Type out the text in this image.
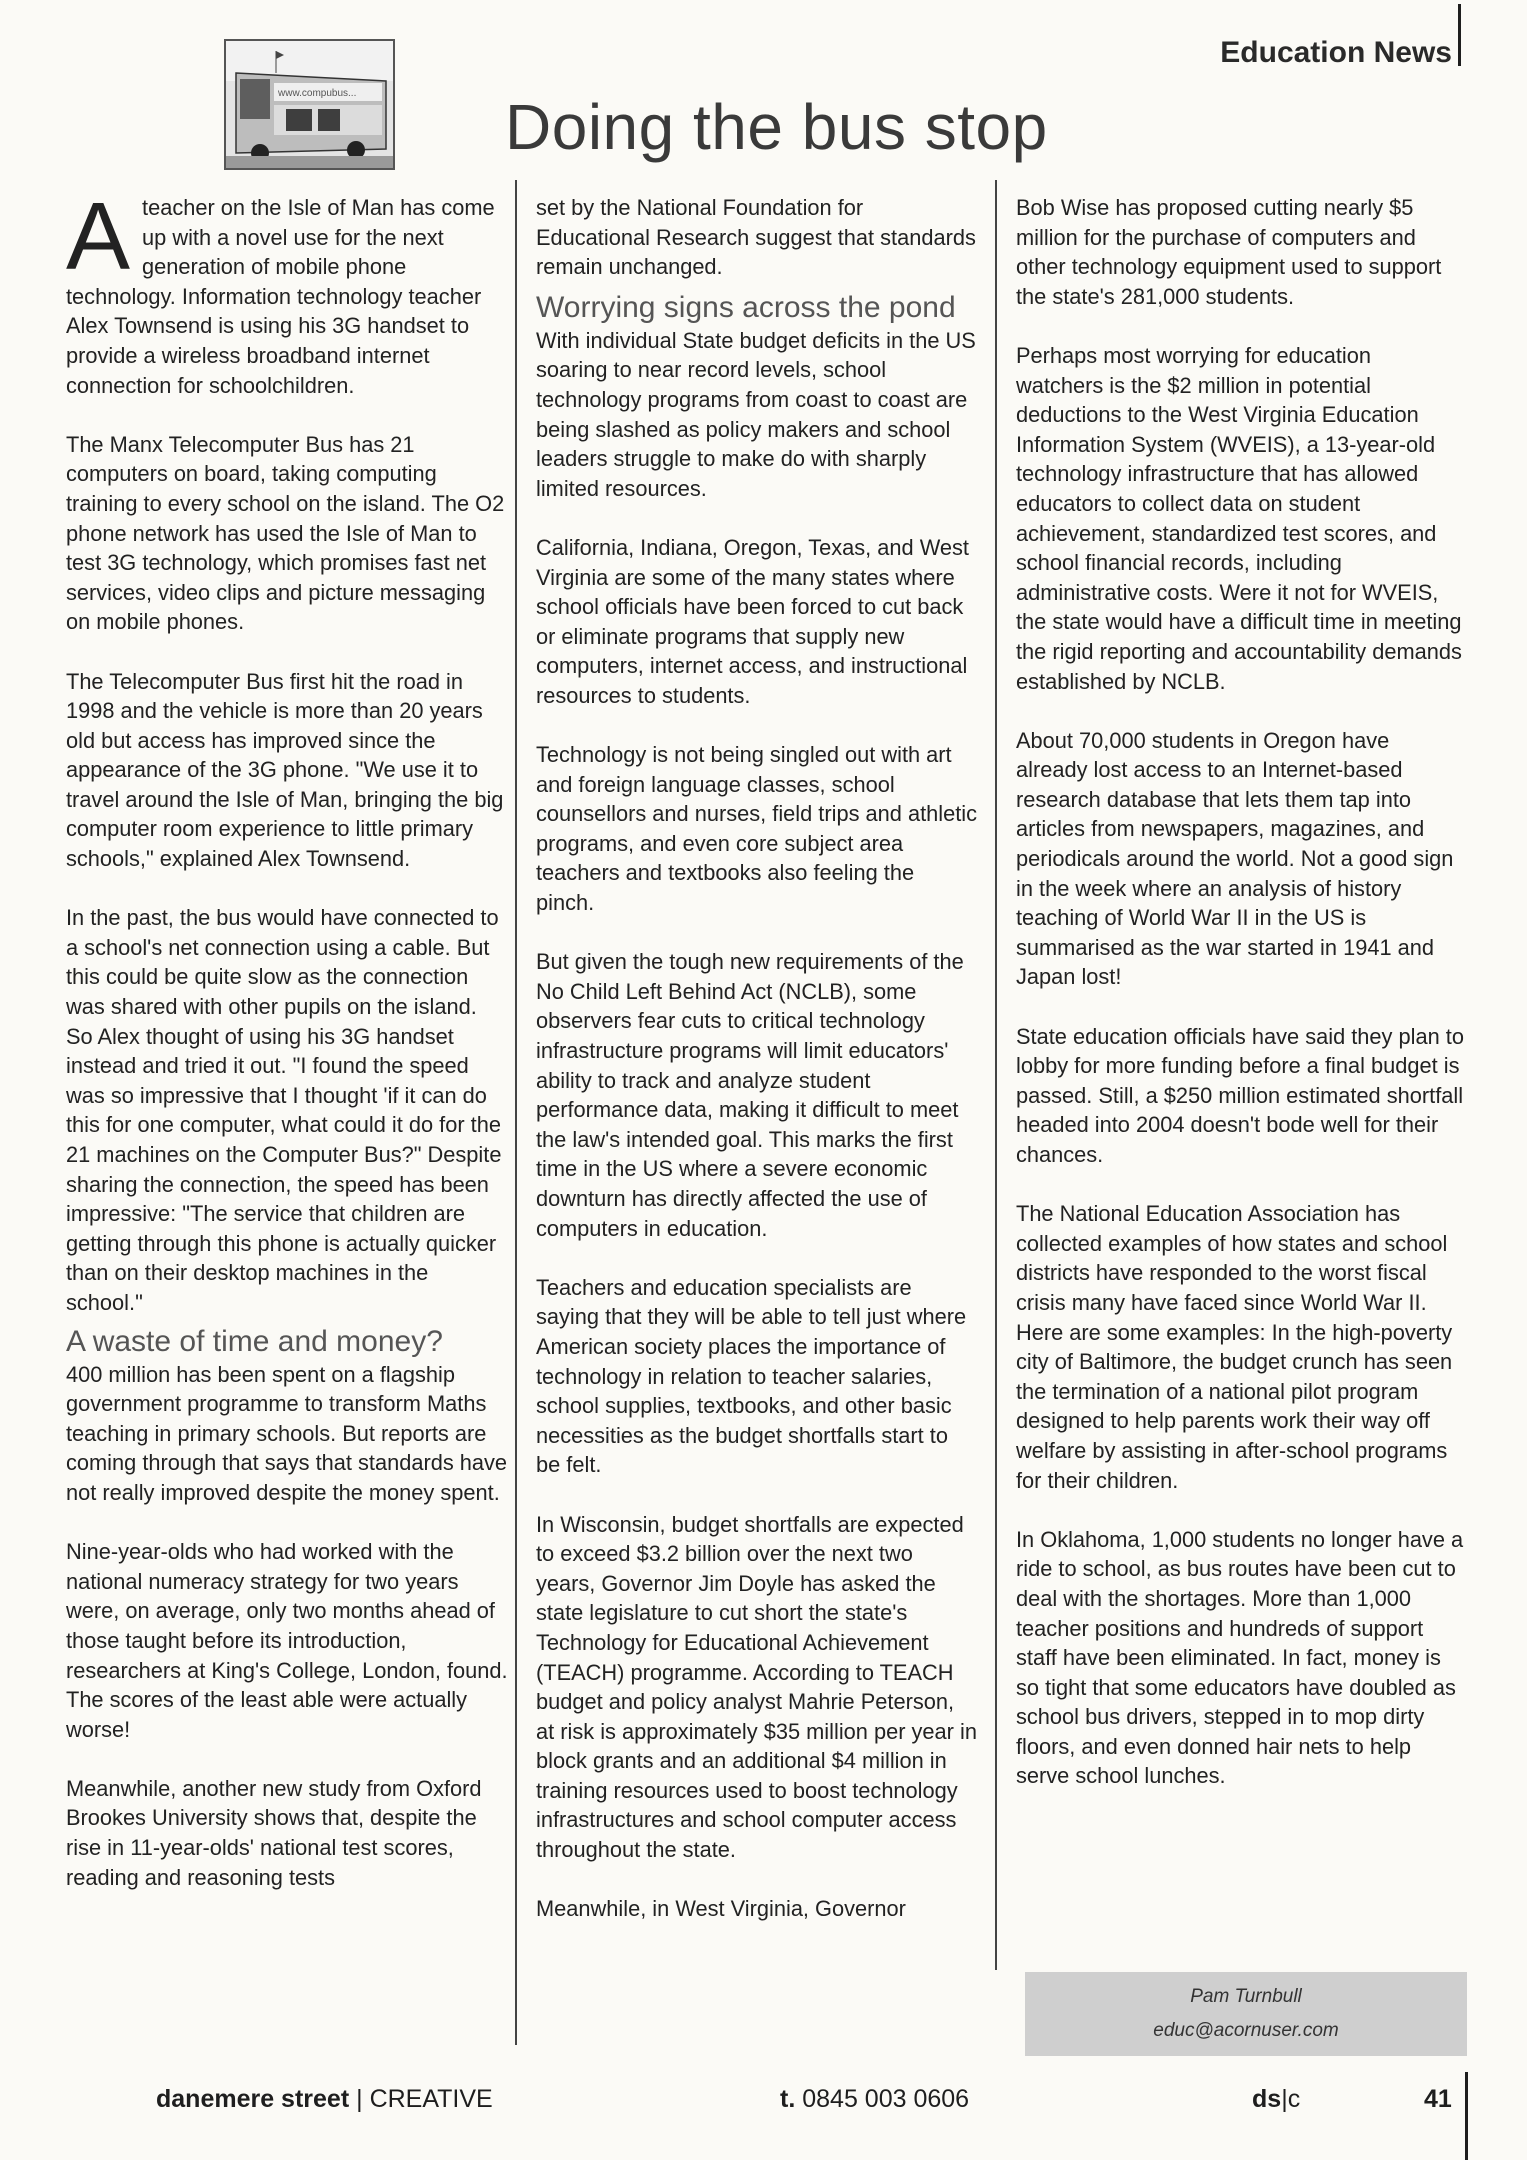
Education News
www.compubus... Doing the bus stop

A teacher on the Isle of Man has come up with a novel use for the next generation of mobile phone technology. Information technology teacher Alex Townsend is using his 3G handset to provide a wireless broadband internet connection for schoolchildren.

The Manx Telecomputer Bus has 21 computers on board, taking computing training to every school on the island. The O2 phone network has used the Isle of Man to test 3G technology, which promises fast net services, video clips and picture messaging on mobile phones.

The Telecomputer Bus first hit the road in 1998 and the vehicle is more than 20 years old but access has improved since the appearance of the 3G phone. "We use it to travel around the Isle of Man, bringing the big computer room experience to little primary schools," explained Alex Townsend.

In the past, the bus would have connected to a school's net connection using a cable. But this could be quite slow as the connection was shared with other pupils on the island. So Alex thought of using his 3G handset instead and tried it out. "I found the speed was so impressive that I thought 'if it can do this for one computer, what could it do for the 21 machines on the Computer Bus?" Despite sharing the connection, the speed has been impressive: "The service that children are getting through this phone is actually quicker than on their desktop machines in the school."

A waste of time and money?

400 million has been spent on a flagship government programme to transform Maths teaching in primary schools. But reports are coming through that says that standards have not really improved despite the money spent.

Nine-year-olds who had worked with the national numeracy strategy for two years were, on average, only two months ahead of those taught before its introduction, researchers at King's College, London, found. The scores of the least able were actually worse!

Meanwhile, another new study from Oxford Brookes University shows that, despite the rise in 11-year-olds' national test scores, reading and reasoning tests

set by the National Foundation for Educational Research suggest that standards remain unchanged.

Worrying signs across the pond

With individual State budget deficits in the US soaring to near record levels, school technology programs from coast to coast are being slashed as policy makers and school leaders struggle to make do with sharply limited resources.

California, Indiana, Oregon, Texas, and West Virginia are some of the many states where school officials have been forced to cut back or eliminate programs that supply new computers, internet access, and instructional resources to students.

Technology is not being singled out with art and foreign language classes, school counsellors and nurses, field trips and athletic programs, and even core subject area teachers and textbooks also feeling the pinch.

But given the tough new requirements of the No Child Left Behind Act (NCLB), some observers fear cuts to critical technology infrastructure programs will limit educators' ability to track and analyze student performance data, making it difficult to meet the law's intended goal. This marks the first time in the US where a severe economic downturn has directly affected the use of computers in education.

Teachers and education specialists are saying that they will be able to tell just where American society places the importance of technology in relation to teacher salaries, school supplies, textbooks, and other basic necessities as the budget shortfalls start to be felt.

In Wisconsin, budget shortfalls are expected to exceed $3.2 billion over the next two years, Governor Jim Doyle has asked the state legislature to cut short the state's Technology for Educational Achievement (TEACH) programme. According to TEACH budget and policy analyst Mahrie Peterson, at risk is approximately $35 million per year in block grants and an additional $4 million in training resources used to boost technology infrastructures and school computer access throughout the state.

Meanwhile, in West Virginia, Governor

Bob Wise has proposed cutting nearly $5 million for the purchase of computers and other technology equipment used to support the state's 281,000 students.

Perhaps most worrying for education watchers is the $2 million in potential deductions to the West Virginia Education Information System (WVEIS), a 13-year-old technology infrastructure that has allowed educators to collect data on student achievement, standardized test scores, and school financial records, including administrative costs. Were it not for WVEIS, the state would have a difficult time in meeting the rigid reporting and accountability demands established by NCLB.

About 70,000 students in Oregon have already lost access to an Internet-based research database that lets them tap into articles from newspapers, magazines, and periodicals around the world. Not a good sign in the week where an analysis of history teaching of World War II in the US is summarised as the war started in 1941 and Japan lost!

State education officials have said they plan to lobby for more funding before a final budget is passed. Still, a $250 million estimated shortfall headed into 2004 doesn't bode well for their chances.

The National Education Association has collected examples of how states and school districts have responded to the worst fiscal crisis many have faced since World War II. Here are some examples: In the high-poverty city of Baltimore, the budget crunch has seen the termination of a national pilot program designed to help parents work their way off welfare by assisting in after-school programs for their children.

In Oklahoma, 1,000 students no longer have a ride to school, as bus routes have been cut to deal with the shortages. More than 1,000 teacher positions and hundreds of support staff have been eliminated. In fact, money is so tight that some educators have doubled as school bus drivers, stepped in to mop dirty floors, and even donned hair nets to help serve school lunches.

Pam Turnbull
educ@acornuser.com
danemere street | CREATIVE	t. 0845 003 0606	ds|c	41
